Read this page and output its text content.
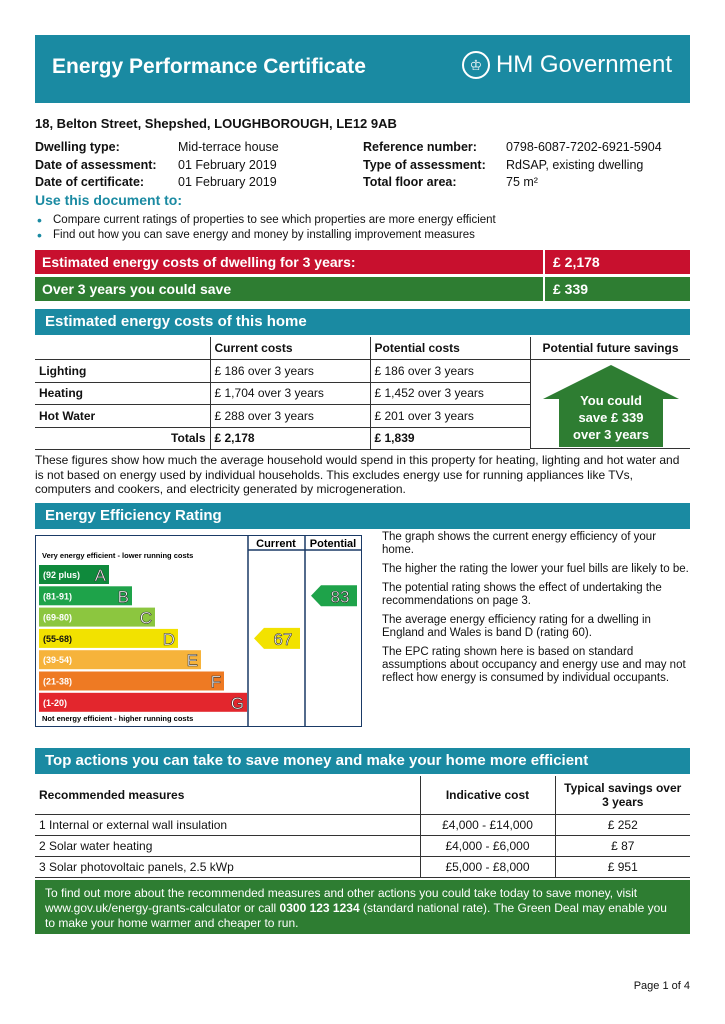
Energy Performance Certificate	♔ HM Government
18, Belton Street, Shepshed, LOUGHBOROUGH, LE12 9AB
Dwelling type:	Mid-terrace house
Date of assessment:	01 February 2019
Date of certificate:	01 February 2019
Reference number:	0798-6087-7202-6921-5904
Type of assessment:	RdSAP, existing dwelling
Total floor area:	75 m²
Use this document to:
• Compare current ratings of properties to see which properties are more energy efficient
• Find out how you can save energy and money by installing improvement measures
Estimated energy costs of dwelling for 3 years:	£ 2,178
Over 3 years you could save	£ 339
Estimated energy costs of this home
	Current costs	Potential costs
Lighting	£ 186 over 3 years	£ 186 over 3 years
Heating	£ 1,704 over 3 years	£ 1,452 over 3 years
Hot Water	£ 288 over 3 years	£ 201 over 3 years
Totals	£ 2,178	£ 1,839
Potential future savings
You could
save £ 339
over 3 years
These figures show how much the average household would spend in this property for heating, lighting and hot water and is not based on energy used by individual households. This excludes energy use for running appliances like TVs, computers and cookers, and electricity generated by microgeneration.
Energy Efficiency Rating
Current Potential
Very energy efficient - lower running costs
Not energy efficient - higher running costs
(92 plus) A
(81-91)	B
(69-80)	C
(55-68)	D
(39-54)	E
(21-38)	F
(1-20)	G
67
83

The graph shows the current energy efficiency of your home.

The higher the rating the lower your fuel bills are likely to be.

The potential rating shows the effect of undertaking the recommendations on page 3.

The average energy efficiency rating for a dwelling in England and Wales is band D (rating 60).

The EPC rating shown here is based on standard assumptions about occupancy and energy use and may not reflect how energy is consumed by individual occupants.

Top actions you can take to save money and make your home more efficient
Recommended measures	Indicative cost	Typical savings over 3 years
1 Internal or external wall insulation	£4,000 - £14,000	£ 252
2 Solar water heating	£4,000 - £6,000	£ 87
3 Solar photovoltaic panels, 2.5 kWp	£5,000 - £8,000	£ 951
To find out more about the recommended measures and other actions you could take today to save money, visit www.gov.uk/energy-grants-calculator or call 0300 123 1234 (standard national rate). The Green Deal may enable you to make your home warmer and cheaper to run.
Page 1 of 4
